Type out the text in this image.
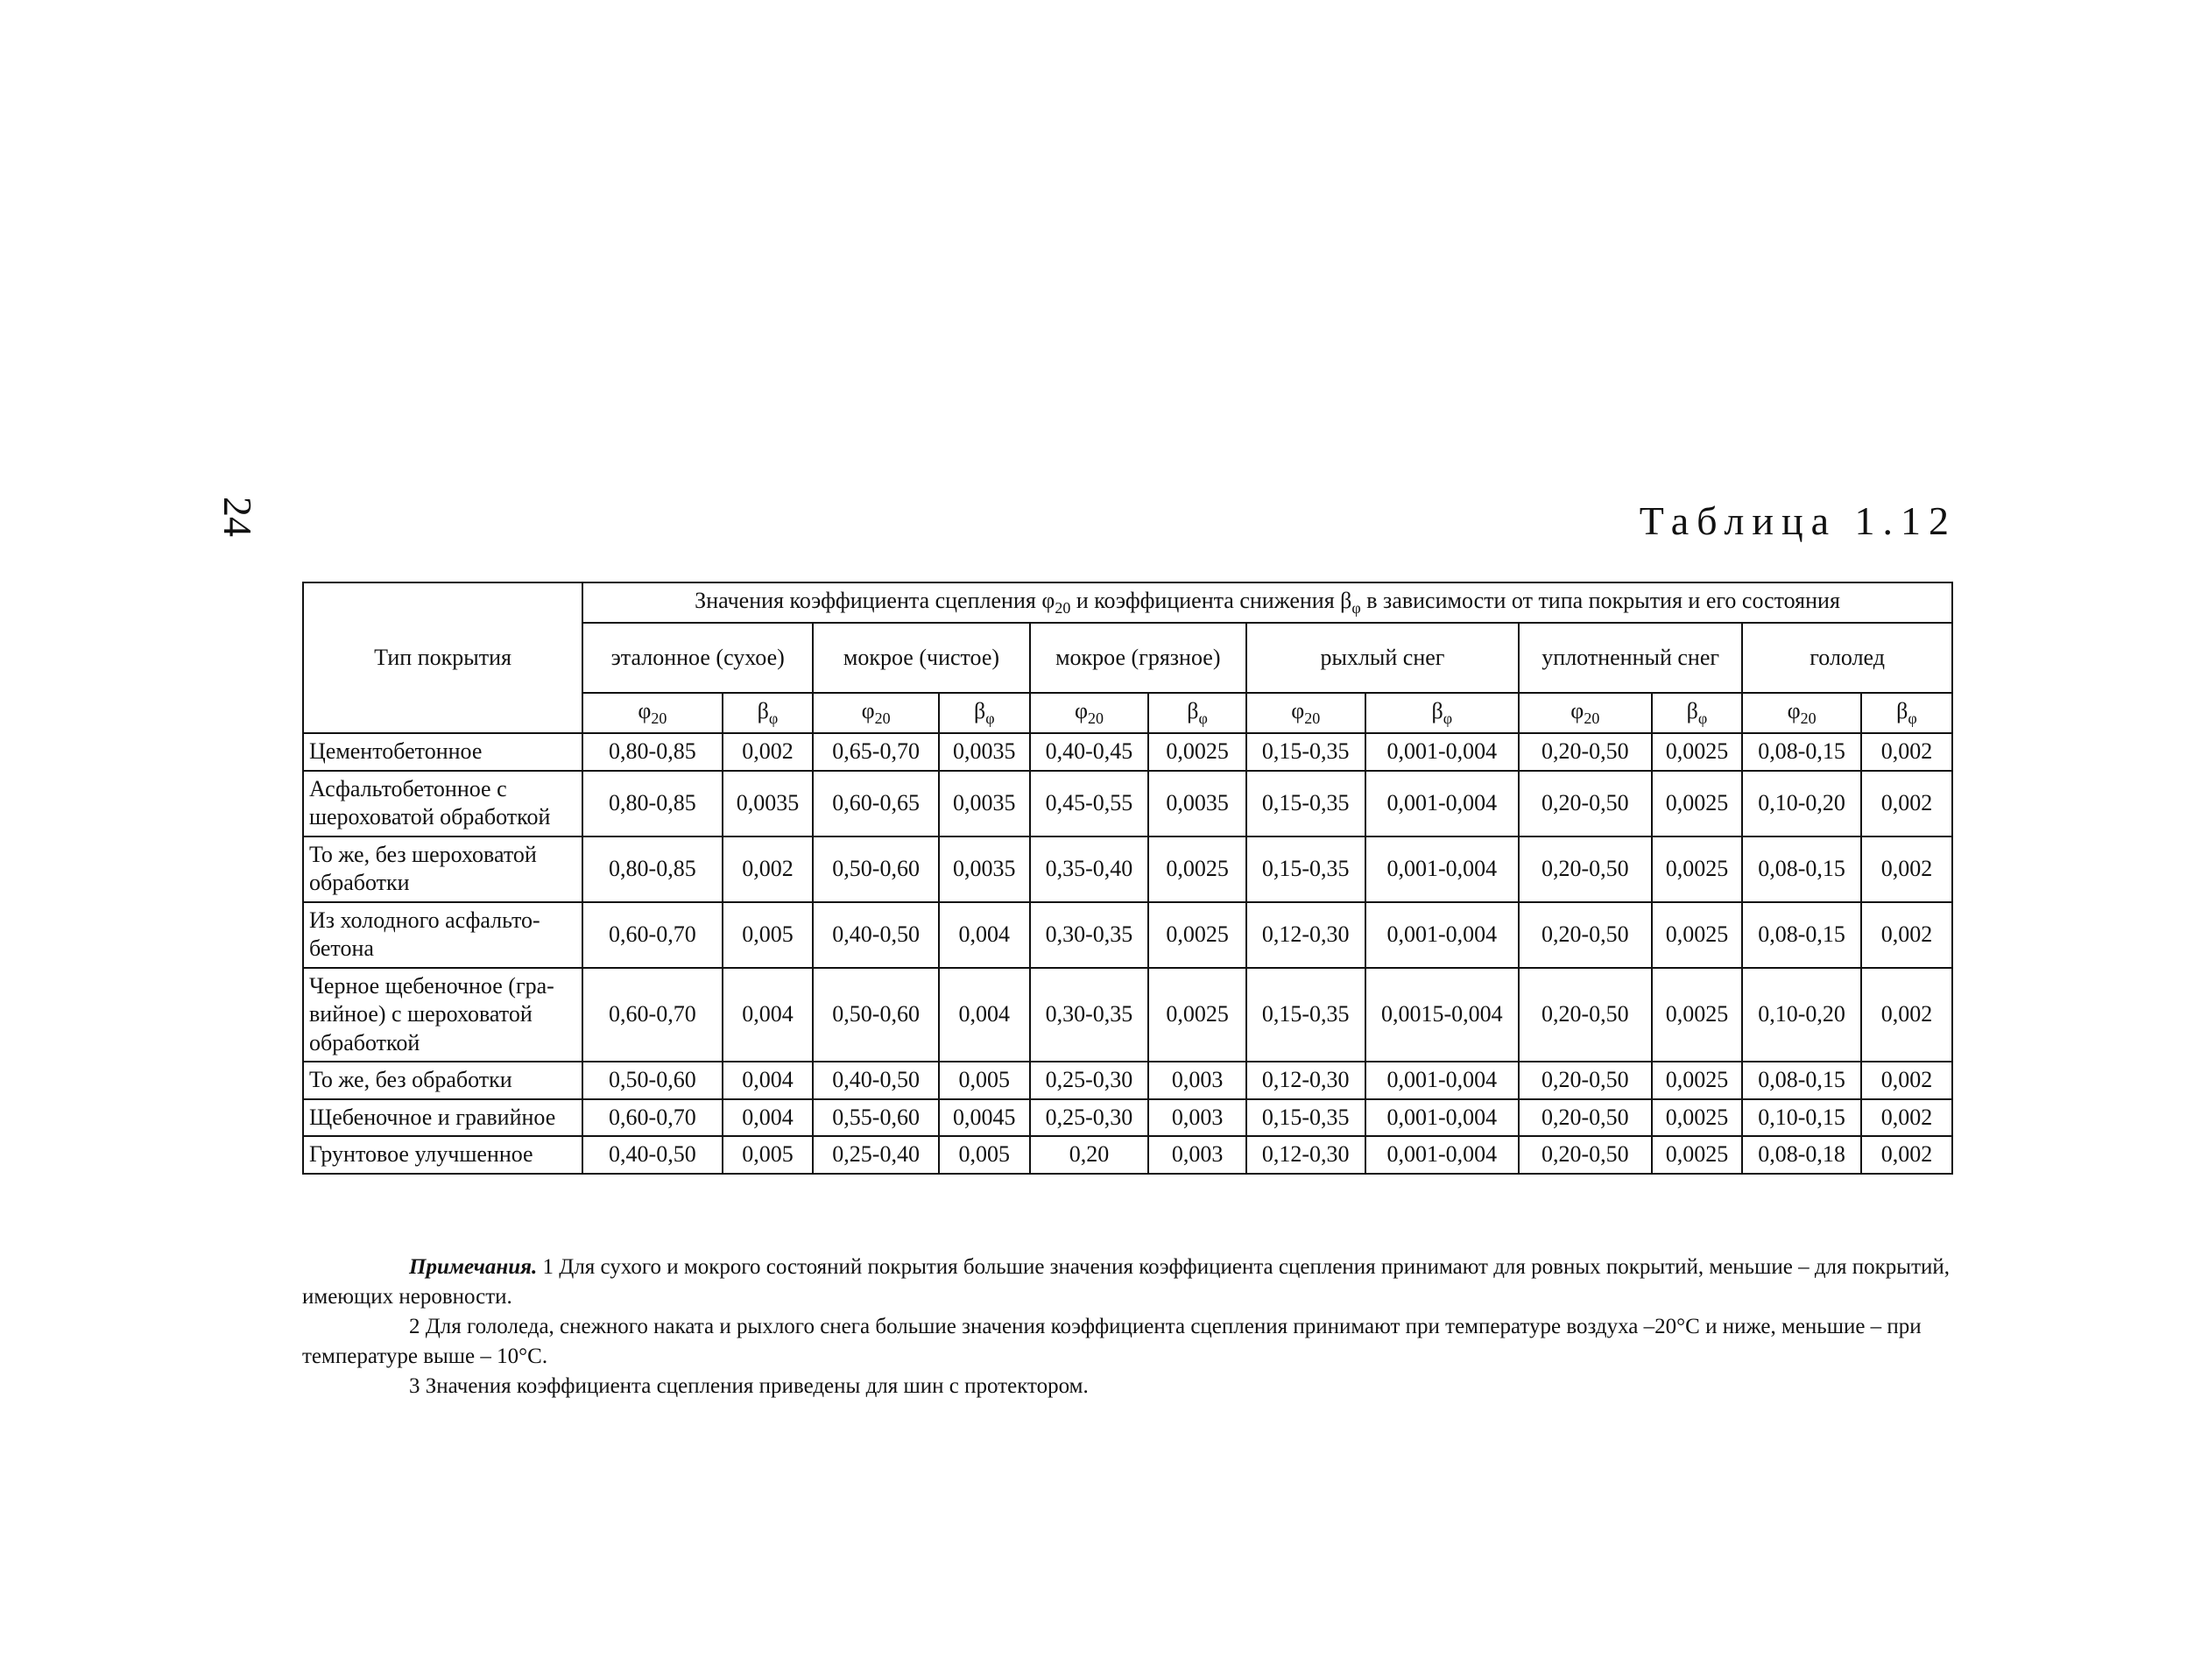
24	Таблица 1.12
Тип покрытия	Значения коэффициента сцепления $\varphi_{20}$ и коэффициента снижения $\beta_\varphi$ в зависимости от типа покрытия и его состояния											
	эталонное (сухое)		мокрое (чистое)		мокрое (грязное)		рыхлый снег		уплотненный снег		гололед	
	$\varphi_{20}$	$\beta_\varphi$	$\varphi_{20}$	$\beta_\varphi$	$\varphi_{20}$	$\beta_\varphi$	$\varphi_{20}$	$\beta_\varphi$	$\varphi_{20}$	$\beta_\varphi$	$\varphi_{20}$	$\beta_\varphi$
Цементобетонное	0,80-0,85	0,002	0,65-0,70	0,0035	0,40-0,45	0,0025	0,15-0,35	0,001-0,004	0,20-0,50	0,0025	0,08-0,15	0,002
Асфальтобетонное с шероховатой обработкой	0,80-0,85	0,0035	0,60-0,65	0,0035	0,45-0,55	0,0035	0,15-0,35	0,001-0,004	0,20-0,50	0,0025	0,10-0,20	0,002
То же, без шероховатой обработки	0,80-0,85	0,002	0,50-0,60	0,0035	0,35-0,40	0,0025	0,15-0,35	0,001-0,004	0,20-0,50	0,0025	0,08-0,15	0,002
Из холодного асфальто-бетона	0,60-0,70	0,005	0,40-0,50	0,004	0,30-0,35	0,0025	0,12-0,30	0,001-0,004	0,20-0,50	0,0025	0,08-0,15	0,002
Черное щебеночное (гра-вийное) с шероховатой обработкой	0,60-0,70	0,004	0,50-0,60	0,004	0,30-0,35	0,0025	0,15-0,35	0,0015-0,004	0,20-0,50	0,0025	0,10-0,20	0,002
То же, без обработки	0,50-0,60	0,004	0,40-0,50	0,005	0,25-0,30	0,003	0,12-0,30	0,001-0,004	0,20-0,50	0,0025	0,08-0,15	0,002
Щебеночное и гравийное	0,60-0,70	0,004	0,55-0,60	0,0045	0,25-0,30	0,003	0,15-0,35	0,001-0,004	0,20-0,50	0,0025	0,10-0,15	0,002
Грунтовое улучшенное	0,40-0,50	0,005	0,25-0,40	0,005	0,20	0,003	0,12-0,30	0,001-0,004	0,20-0,50	0,0025	0,08-0,18	0,002

Примечания. 1 Для сухого и мокрого состояний покрытия большие значения коэффициента сцепления принимают для ровных покрытий, меньшие – для покрытий, имеющих неровности.

2 Для гололеда, снежного наката и рыхлого снега большие значения коэффициента сцепления принимают при температуре воздуха –20°С и ниже, меньшие – при температуре выше – 10°С.

3 Значения коэффициента сцепления приведены для шин с протектором.
